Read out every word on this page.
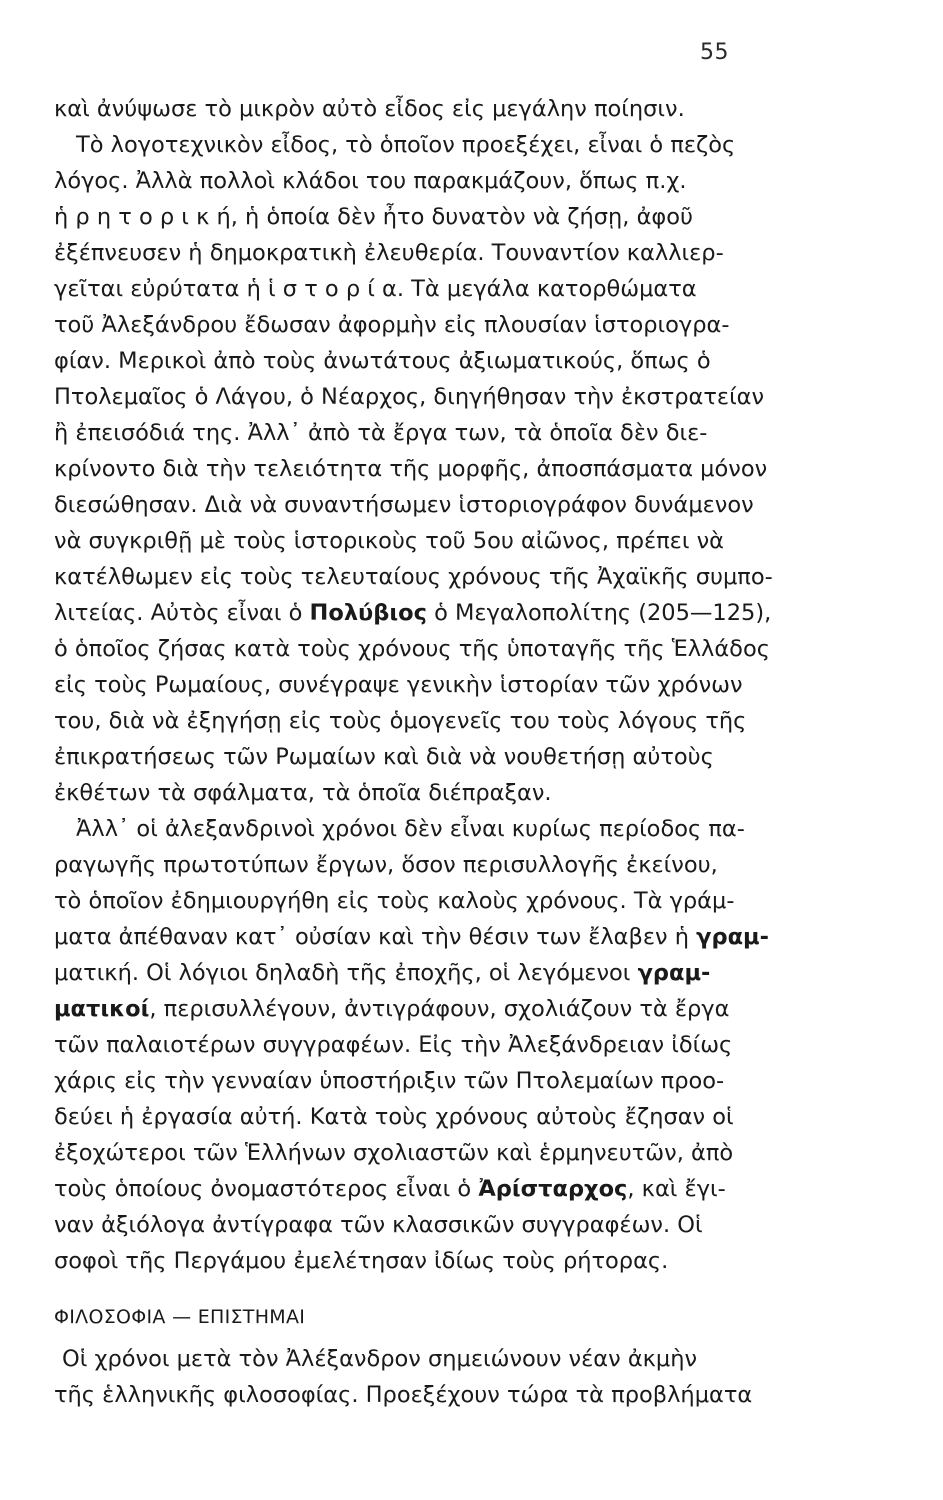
55
καὶ ἀνύψωσε τὸ μικρὸν αὐτὸ εἶδος εἰς μεγάλην ποίησιν.
Τὸ λογοτεχνικὸν εἶδος, τὸ ὁποῖον προεξέχει, εἶναι ὁ πεζὸς
λόγος. Ἀλλὰ πολλοὶ κλάδοι του παρακμάζουν, ὅπως π.χ.
ἡ ρ η τ ο ρ ι κ ή, ἡ ὁποία δὲν ἦτο δυνατὸν νὰ ζήσῃ, ἀφοῦ
ἐξέπνευσεν ἡ δημοκρατικὴ ἐλευθερία. Τουναντίον καλλιερ-
γεῖται εὐρύτατα ἡ ἱ σ τ ο ρ ί α. Τὰ μεγάλα κατορθώματα
τοῦ Ἀλεξάνδρου ἔδωσαν ἀφορμὴν εἰς πλουσίαν ἱστοριογρα-
φίαν. Μερικοὶ ἀπὸ τοὺς ἀνωτάτους ἀξιωματικούς, ὅπως ὁ
Πτολεμαῖος ὁ Λάγου, ὁ Νέαρχος, διηγήθησαν τὴν ἐκστρατείαν
ἢ ἐπεισόδιά της. Ἀλλ᾽ ἀπὸ τὰ ἔργα των, τὰ ὁποῖα δὲν διε-
κρίνοντο διὰ τὴν τελειότητα τῆς μορφῆς, ἀποσπάσματα μόνον
διεσώθησαν. Διὰ νὰ συναντήσωμεν ἱστοριογράφον δυνάμενον
νὰ συγκριθῇ μὲ τοὺς ἱστορικοὺς τοῦ 5ου αἰῶνος, πρέπει νὰ
κατέλθωμεν εἰς τοὺς τελευταίους χρόνους τῆς Ἀχαϊκῆς συμπο-
λιτείας. Αὐτὸς εἶναι ὁ Πολύβιος ὁ Μεγαλοπολίτης (205—125),
ὁ ὁποῖος ζήσας κατὰ τοὺς χρόνους τῆς ὑποταγῆς τῆς Ἑλλάδος
εἰς τοὺς Ρωμαίους, συνέγραψε γενικὴν ἱστορίαν τῶν χρόνων
του, διὰ νὰ ἐξηγήσῃ εἰς τοὺς ὁμογενεῖς του τοὺς λόγους τῆς
ἐπικρατήσεως τῶν Ρωμαίων καὶ διὰ νὰ νουθετήσῃ αὐτοὺς
ἐκθέτων τὰ σφάλματα, τὰ ὁποῖα διέπραξαν.
Ἀλλ᾽ οἱ ἀλεξανδρινοὶ χρόνοι δὲν εἶναι κυρίως περίοδος πα-
ραγωγῆς πρωτοτύπων ἔργων, ὅσον περισυλλογῆς ἐκείνου,
τὸ ὁποῖον ἐδημιουργήθη εἰς τοὺς καλοὺς χρόνους. Τὰ γράμ-
ματα ἀπέθαναν κατ᾽ οὐσίαν καὶ τὴν θέσιν των ἔλαβεν ἡ γραμ-
ματική. Οἱ λόγιοι δηλαδὴ τῆς ἐποχῆς, οἱ λεγόμενοι γραμ-
ματικοί, περισυλλέγουν, ἀντιγράφουν, σχολιάζουν τὰ ἔργα
τῶν παλαιοτέρων συγγραφέων. Εἰς τὴν Ἀλεξάνδρειαν ἰδίως
χάρις εἰς τὴν γενναίαν ὑποστήριξιν τῶν Πτολεμαίων προο-
δεύει ἡ ἐργασία αὐτή. Κατὰ τοὺς χρόνους αὐτοὺς ἔζησαν οἱ
ἐξοχώτεροι τῶν Ἑλλήνων σχολιαστῶν καὶ ἑρμηνευτῶν, ἀπὸ
τοὺς ὁποίους ὀνομαστότερος εἶναι ὁ Ἀρίσταρχος, καὶ ἔγι-
ναν ἀξιόλογα ἀντίγραφα τῶν κλασσικῶν συγγραφέων. Οἱ
σοφοὶ τῆς Περγάμου ἐμελέτησαν ἰδίως τοὺς ρήτορας.
ΦΙΛΟΣΟΦΙΑ — ΕΠΙΣΤΗΜΑΙ
Οἱ χρόνοι μετὰ τὸν Ἀλέξανδρον σημειώνουν νέαν ἀκμὴν
τῆς ἑλληνικῆς φιλοσοφίας. Προεξέχουν τώρα τὰ προβλήματα
